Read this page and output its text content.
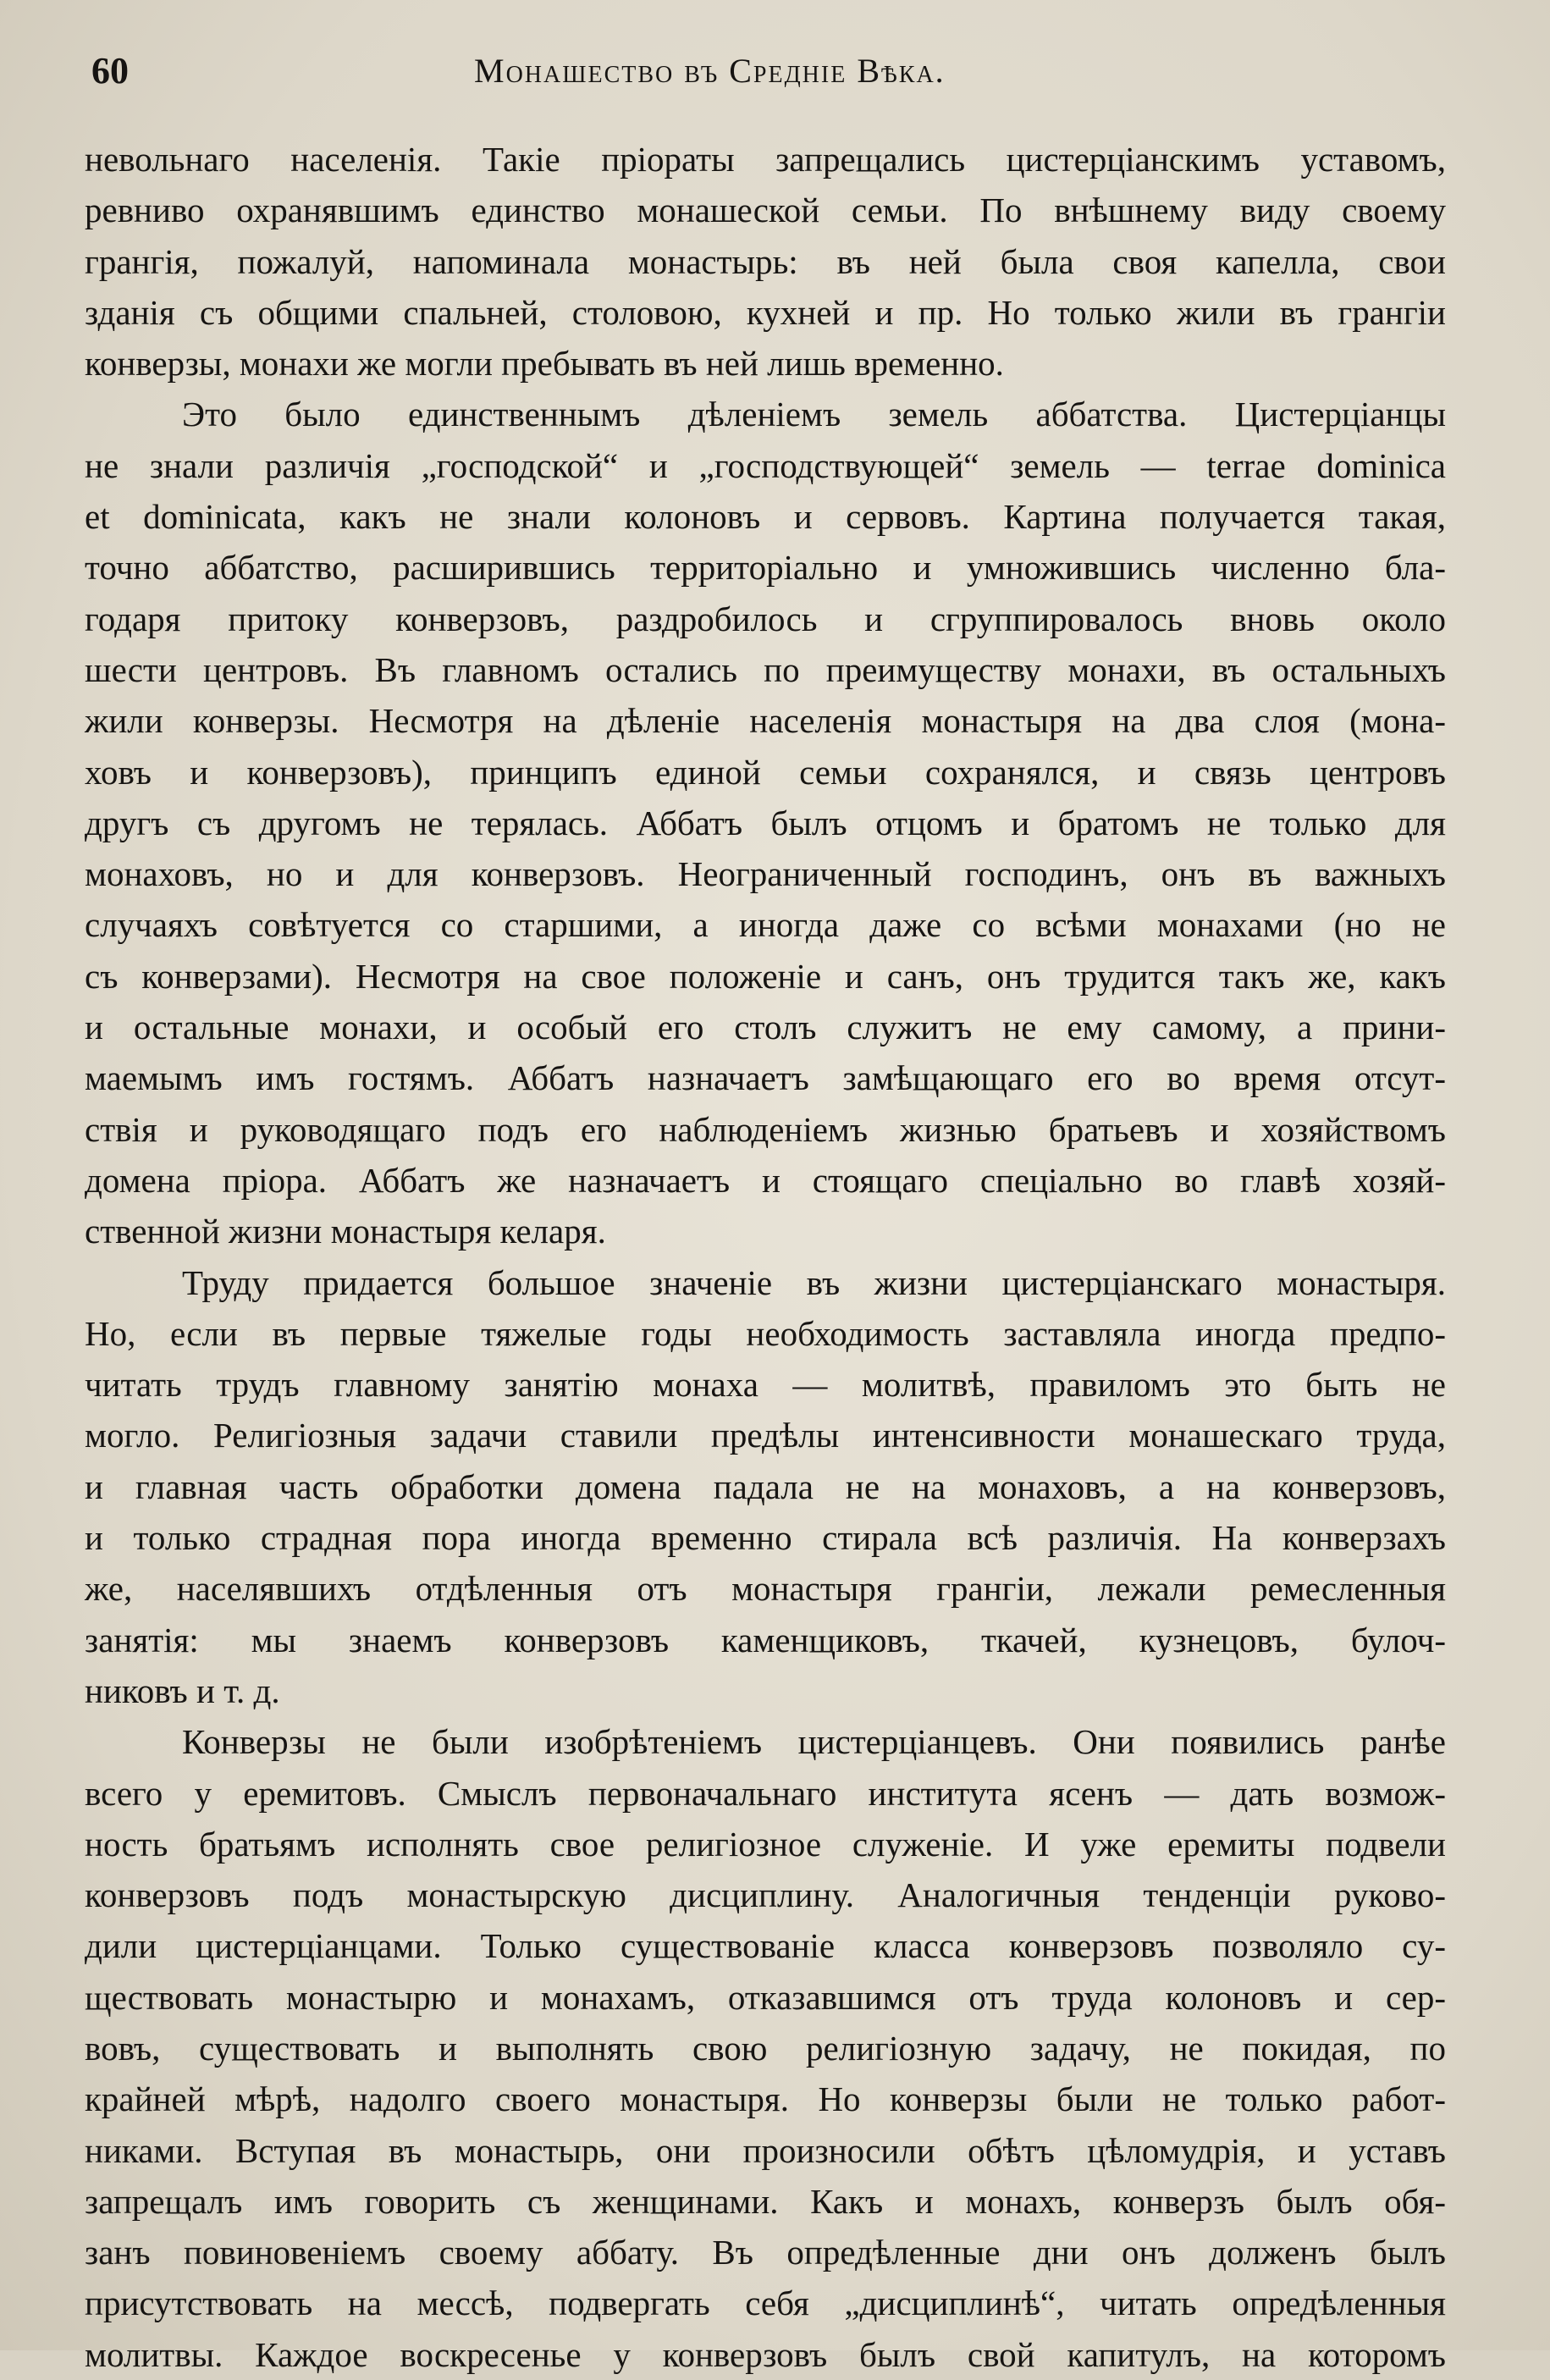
60	Монашество въ Средніе Вѣка.
невольнаго населенія. Такіе пріораты запрещались цистерціанскимъ уставомъ,
ревниво охранявшимъ единство монашеской семьи. По внѣшнему виду своему
грангія, пожалуй, напоминала монастырь: въ ней была своя капелла, свои
зданія съ общими спальней, столовою, кухней и пр. Но только жили въ грангіи
конверзы, монахи же могли пребывать въ ней лишь временно.
Это было единственнымъ дѣленіемъ земель аббатства. Цистерціанцы
не знали различія „господской“ и „господствующей“ земель — terrae dominica
et dominicata, какъ не знали колоновъ и сервовъ. Картина получается такая,
точно аббатство, расширившись территоріально и умножившись численно бла-
годаря притоку конверзовъ, раздробилось и сгруппировалось вновь около
шести центровъ. Въ главномъ остались по преимуществу монахи, въ остальныхъ
жили конверзы. Несмотря на дѣленіе населенія монастыря на два слоя (мона-
ховъ и конверзовъ), принципъ единой семьи сохранялся, и связь центровъ
другъ съ другомъ не терялась. Аббатъ былъ отцомъ и братомъ не только для
монаховъ, но и для конверзовъ. Неограниченный господинъ, онъ въ важныхъ
случаяхъ совѣтуется со старшими, а иногда даже со всѣми монахами (но не
съ конверзами). Несмотря на свое положеніе и санъ, онъ трудится такъ же, какъ
и остальные монахи, и особый его столъ служитъ не ему самому, а прини-
маемымъ имъ гостямъ. Аббатъ назначаетъ замѣщающаго его во время отсут-
ствія и руководящаго подъ его наблюденіемъ жизнью братьевъ и хозяйствомъ
домена пріора. Аббатъ же назначаетъ и стоящаго спеціально во главѣ хозяй-
ственной жизни монастыря келаря.
Труду придается большое значеніе въ жизни цистерціанскаго монастыря.
Но, если въ первые тяжелые годы необходимость заставляла иногда предпо-
читать трудъ главному занятію монаха — молитвѣ, правиломъ это быть не
могло. Религіозныя задачи ставили предѣлы интенсивности монашескаго труда,
и главная часть обработки домена падала не на монаховъ, а на конверзовъ,
и только страдная пора иногда временно стирала всѣ различія. На конверзахъ
же, населявшихъ отдѣленныя отъ монастыря грангіи, лежали ремесленныя
занятія: мы знаемъ конверзовъ каменщиковъ, ткачей, кузнецовъ, булоч-
никовъ и т. д.
Конверзы не были изобрѣтеніемъ цистерціанцевъ. Они появились ранѣе
всего у еремитовъ. Смыслъ первоначальнаго института ясенъ — дать возмож-
ность братьямъ исполнять свое религіозное служеніе. И уже еремиты подвели
конверзовъ подъ монастырскую дисциплину. Аналогичныя тенденціи руково-
дили цистерціанцами. Только существованіе класса конверзовъ позволяло су-
ществовать монастырю и монахамъ, отказавшимся отъ труда колоновъ и сер-
вовъ, существовать и выполнять свою религіозную задачу, не покидая, по
крайней мѣрѣ, надолго своего монастыря. Но конверзы были не только работ-
никами. Вступая въ монастырь, они произносили обѣтъ цѣломудрія, и уставъ
запрещалъ имъ говорить съ женщинами. Какъ и монахъ, конверзъ былъ обя-
занъ повиновеніемъ своему аббату. Въ опредѣленные дни онъ долженъ былъ
присутствовать на мессѣ, подвергать себя „дисциплинѣ“, читать опредѣленныя
молитвы. Каждое воскресенье у конверзовъ былъ свой капитулъ, на которомъ
